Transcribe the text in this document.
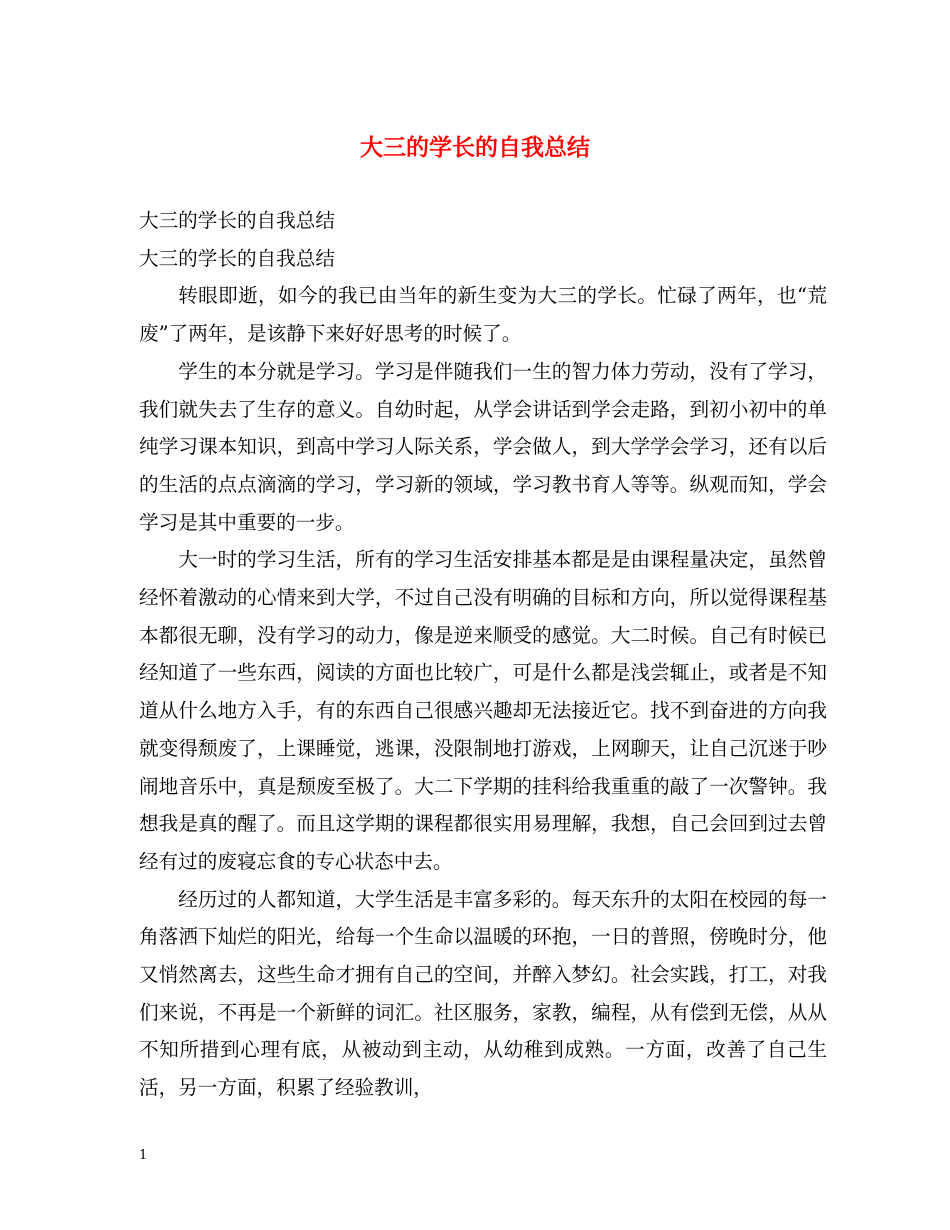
大三的学长的自我总结

大三的学长的自我总结

大三的学长的自我总结

转眼即逝，如今的我已由当年的新生变为大三的学长。忙碌了两年，也“荒废”了两年，是该静下来好好思考的时候了。

学生的本分就是学习。学习是伴随我们一生的智力体力劳动，没有了学习，我们就失去了生存的意义。自幼时起，从学会讲话到学会走路，到初小初中的单纯学习课本知识，到高中学习人际关系，学会做人，到大学学会学习，还有以后的生活的点点滴滴的学习，学习新的领域，学习教书育人等等。纵观而知，学会学习是其中重要的一步。

大一时的学习生活，所有的学习生活安排基本都是是由课程量决定，虽然曾经怀着激动的心情来到大学，不过自己没有明确的目标和方向，所以觉得课程基本都很无聊，没有学习的动力，像是逆来顺受的感觉。大二时候。自己有时候已经知道了一些东西，阅读的方面也比较广，可是什么都是浅尝辄止，或者是不知道从什么地方入手，有的东西自己很感兴趣却无法接近它。找不到奋进的方向我就变得颓废了，上课睡觉，逃课，没限制地打游戏，上网聊天，让自己沉迷于吵闹地音乐中，真是颓废至极了。大二下学期的挂科给我重重的敲了一次警钟。我想我是真的醒了。而且这学期的课程都很实用易理解，我想，自己会回到过去曾经有过的废寝忘食的专心状态中去。

经历过的人都知道，大学生活是丰富多彩的。每天东升的太阳在校园的每一角落洒下灿烂的阳光，给每一个生命以温暖的环抱，一日的普照，傍晚时分，他又悄然离去，这些生命才拥有自己的空间，并醉入梦幻。社会实践，打工，对我们来说，不再是一个新鲜的词汇。社区服务，家教，编程，从有偿到无偿，从从不知所措到心理有底，从被动到主动，从幼稚到成熟。一方面，改善了自己生活，另一方面，积累了经验教训，

1
